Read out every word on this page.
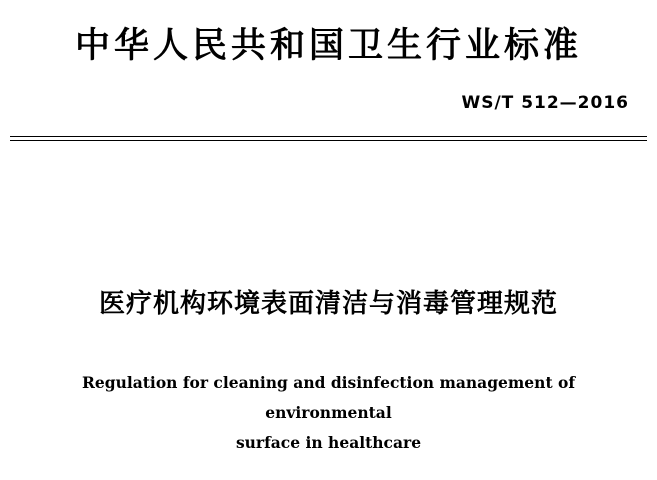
中华人民共和国卫生行业标准
WS/T 512—2016
医疗机构环境表面清洁与消毒管理规范
Regulation for cleaning and disinfection management of environmental
surface in healthcare
